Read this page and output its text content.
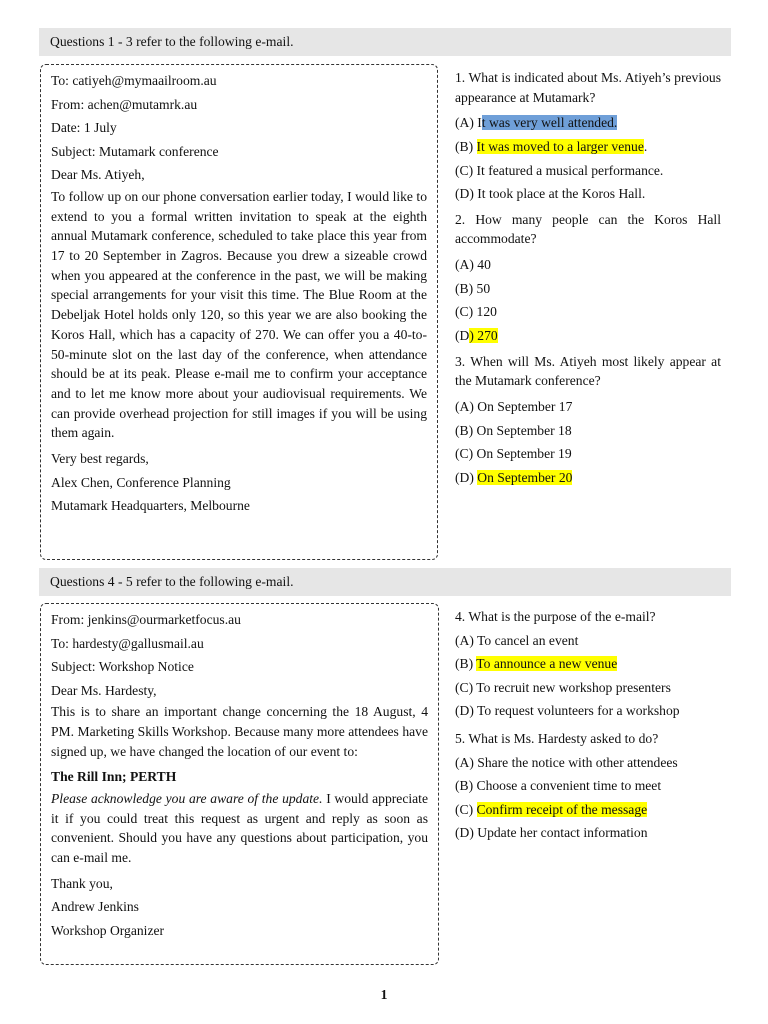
Questions 1 - 3 refer to the following e-mail.

To: catiyeh@mymaailroom.au

From: achen@mutamrk.au

Date: 1 July

Subject: Mutamark conference

Dear Ms. Atiyeh,

To follow up on our phone conversation earlier today, I would like to extend to you a formal written invitation to speak at the eighth annual Mutamark conference, scheduled to take place this year from 17 to 20 September in Zagros. Because you drew a sizeable crowd when you appeared at the conference in the past, we will be making special arrangements for your visit this time. The Blue Room at the Debeljak Hotel holds only 120, so this year we are also booking the Koros Hall, which has a capacity of 270. We can offer you a 40-to-50-minute slot on the last day of the conference, when attendance should be at its peak. Please e-mail me to confirm your acceptance and to let me know more about your audiovisual requirements. We can provide overhead projection for still images if you will be using them again.

Very best regards,

Alex Chen, Conference Planning

Mutamark Headquarters, Melbourne

1. What is indicated about Ms. Atiyeh’s previous appearance at Mutamark?

(A) It was very well attended.

(B) It was moved to a larger venue.

(C) It featured a musical performance.

(D) It took place at the Koros Hall.

2. How many people can the Koros Hall accommodate?

(A) 40

(B) 50

(C) 120

(D) 270

3. When will Ms. Atiyeh most likely appear at the Mutamark conference?

(A) On September 17

(B) On September 18

(C) On September 19

(D) On September 20

Questions 4 - 5 refer to the following e-mail.

From: jenkins@ourmarketfocus.au

To: hardesty@gallusmail.au

Subject: Workshop Notice

Dear Ms. Hardesty,

This is to share an important change concerning the 18 August, 4 PM. Marketing Skills Workshop. Because many more attendees have signed up, we have changed the location of our event to:

The Rill Inn; PERTH

Please acknowledge you are aware of the update. I would appreciate it if you could treat this request as urgent and reply as soon as convenient. Should you have any questions about participation, you can e-mail me.

Thank you,

Andrew Jenkins

Workshop Organizer

4. What is the purpose of the e-mail?

(A) To cancel an event

(B) To announce a new venue

(C) To recruit new workshop presenters

(D) To request volunteers for a workshop

5. What is Ms. Hardesty asked to do?

(A) Share the notice with other attendees

(B) Choose a convenient time to meet

(C) Confirm receipt of the message

(D) Update her contact information

1
